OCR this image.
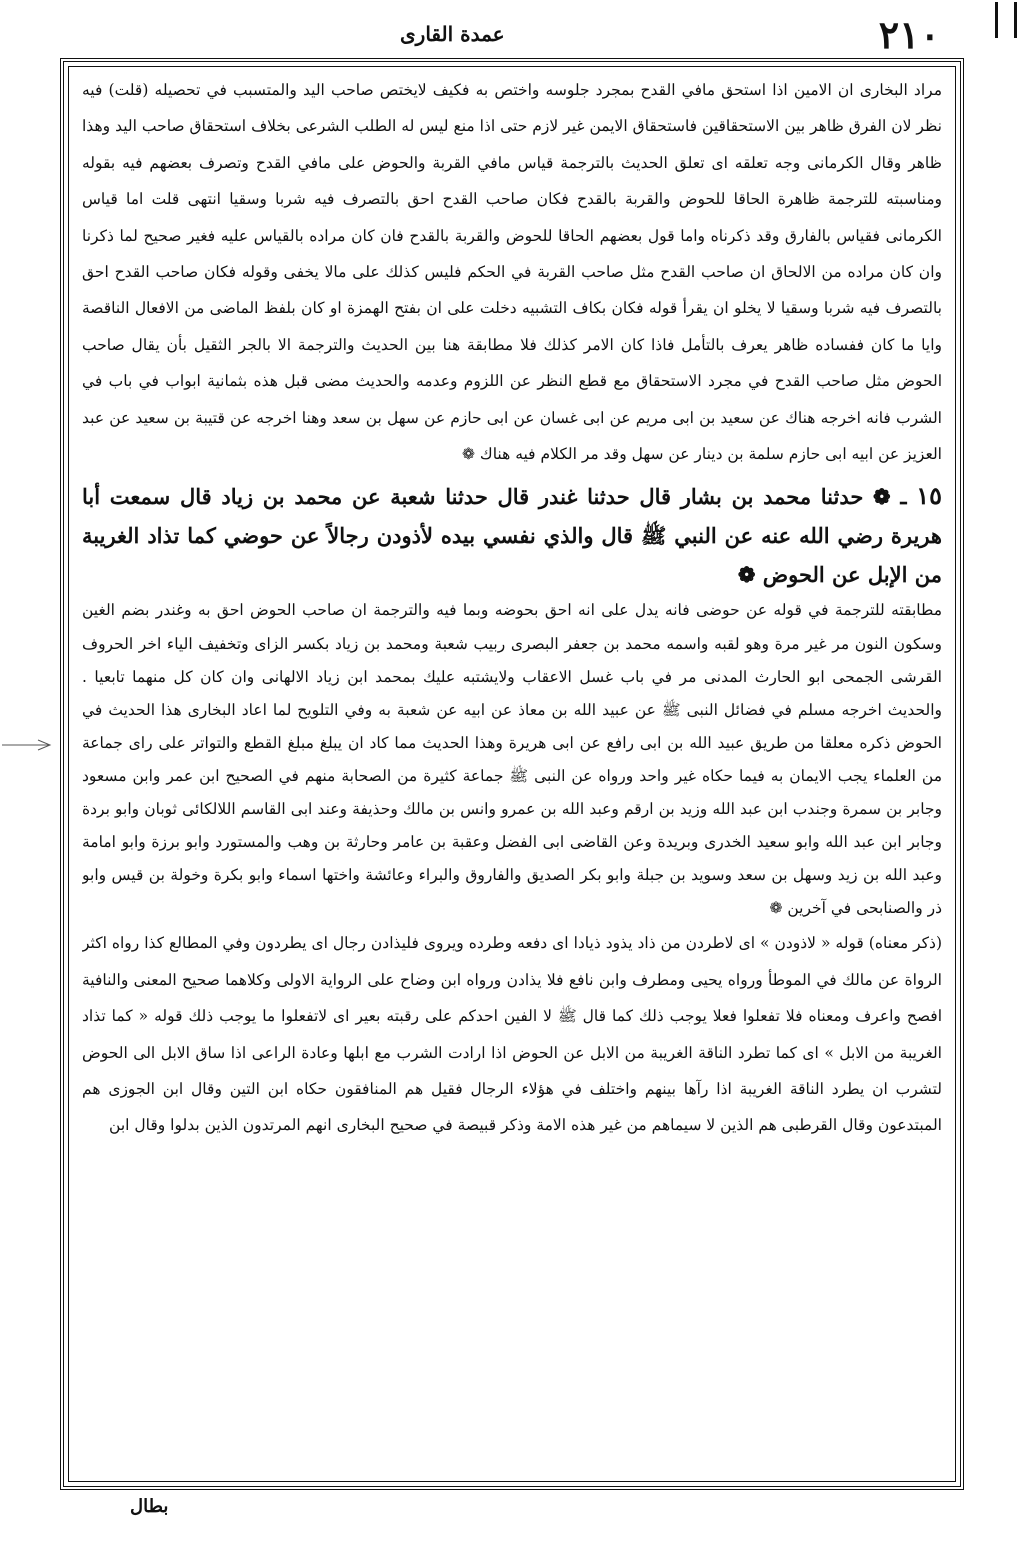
٢١٠
عمدة القارى

مراد البخارى ان الامين اذا استحق مافي القدح بمجرد جلوسه واختص به فكيف لايختص صاحب اليد والمتسبب في تحصيله (قلت) فيه نظر لان الفرق ظاهر بين الاستحقاقين فاستحقاق الايمن غير لازم حتى اذا منع ليس له الطلب الشرعى بخلاف استحقاق صاحب اليد وهذا ظاهر وقال الكرمانى وجه تعلقه اى تعلق الحديث بالترجمة قياس مافي القربة والحوض على مافي القدح وتصرف بعضهم فيه بقوله ومناسبته للترجمة ظاهرة الحاقا للحوض والقربة بالقدح فكان صاحب القدح احق بالتصرف فيه شربا وسقيا انتهى قلت اما قياس الكرمانى فقياس بالفارق وقد ذكرناه واما قول بعضهم الحاقا للحوض والقربة بالقدح فان كان مراده بالقياس عليه فغير صحيح لما ذكرنا وان كان مراده من الالحاق ان صاحب القدح مثل صاحب القربة في الحكم فليس كذلك على مالا يخفى وقوله فكان صاحب القدح احق بالتصرف فيه شربا وسقيا لا يخلو ان يقرأ قوله فكان بكاف التشبيه دخلت على ان بفتح الهمزة او كان بلفظ الماضى من الافعال الناقصة وايا ما كان ففساده ظاهر يعرف بالتأمل فاذا كان الامر كذلك فلا مطابقة هنا بين الحديث والترجمة الا بالجر الثقيل بأن يقال صاحب الحوض مثل صاحب القدح في مجرد الاستحقاق مع قطع النظر عن اللزوم وعدمه والحديث مضى قبل هذه بثمانية ابواب في باب في الشرب فانه اخرجه هناك عن سعيد بن ابى مريم عن ابى غسان عن ابى حازم عن سهل بن سعد وهنا اخرجه عن قتيبة بن سعيد عن عبد العزيز عن ابيه ابى حازم سلمة بن دينار عن سهل وقد مر الكلام فيه هناك ❁

١٥ ـ ❁ حدثنا محمد بن بشار قال حدثنا غندر قال حدثنا شعبة عن محمد بن زياد قال سمعت أبا هريرة رضي الله عنه عن النبي ﷺ قال والذي نفسي بيده لأذودن رجالاً عن حوضي كما تذاد الغريبة من الإبل عن الحوض ❁

مطابقته للترجمة في قوله عن حوضى فانه يدل على انه احق بحوضه وبما فيه والترجمة ان صاحب الحوض احق به وغندر بضم الغين وسكون النون مر غير مرة وهو لقبه واسمه محمد بن جعفر البصرى ربيب شعبة ومحمد بن زياد بكسر الزاى وتخفيف الياء اخر الحروف القرشى الجمحى ابو الحارث المدنى مر في باب غسل الاعقاب ولايشتبه عليك بمحمد ابن زياد الالهانى وان كان كل منهما تابعيا . والحديث اخرجه مسلم في فضائل النبى ﷺ عن عبيد الله بن معاذ عن ابيه عن شعبة به وفي التلويح لما اعاد البخارى هذا الحديث في الحوض ذكره معلقا من طريق عبيد الله بن ابى رافع عن ابى هريرة وهذا الحديث مما كاد ان يبلغ مبلغ القطع والتواتر على راى جماعة من العلماء يجب الايمان به فيما حكاه غير واحد ورواه عن النبى ﷺ جماعة كثيرة من الصحابة منهم في الصحيح ابن عمر وابن مسعود وجابر بن سمرة وجندب ابن عبد الله وزيد بن ارقم وعبد الله بن عمرو وانس بن مالك وحذيفة وعند ابى القاسم اللالكائى ثوبان وابو بردة وجابر ابن عبد الله وابو سعيد الخدرى وبريدة وعن القاضى ابى الفضل وعقبة بن عامر وحارثة بن وهب والمستورد وابو برزة وابو امامة وعبد الله بن زيد وسهل بن سعد وسويد بن جبلة وابو بكر الصديق والفاروق والبراء وعائشة واختها اسماء وابو بكرة وخولة بن قيس وابو ذر والصنابحى في آخرين ❁

(ذكر معناه) قوله « لاذودن » اى لاطردن من ذاد يذود ذيادا اى دفعه وطرده ويروى فليذادن رجال اى يطردون وفي المطالع كذا رواه اكثر الرواة عن مالك في الموطأ ورواه يحيى ومطرف وابن نافع فلا يذادن ورواه ابن وضاح على الرواية الاولى وكلاهما صحيح المعنى والنافية افصح واعرف ومعناه فلا تفعلوا فعلا يوجب ذلك كما قال ﷺ لا الفين احدكم على رقبته بعير اى لاتفعلوا ما يوجب ذلك قوله « كما تذاد الغريبة من الابل » اى كما تطرد الناقة الغريبة من الابل عن الحوض اذا ارادت الشرب مع ابلها وعادة الراعى اذا ساق الابل الى الحوض لتشرب ان يطرد الناقة الغريبة اذا رآها بينهم واختلف في هؤلاء الرجال فقيل هم المنافقون حكاه ابن التين وقال ابن الجوزى هم المبتدعون وقال القرطبى هم الذين لا سيماهم من غير هذه الامة وذكر قبيصة في صحيح البخارى انهم المرتدون الذين بدلوا وقال ابن

بطال
